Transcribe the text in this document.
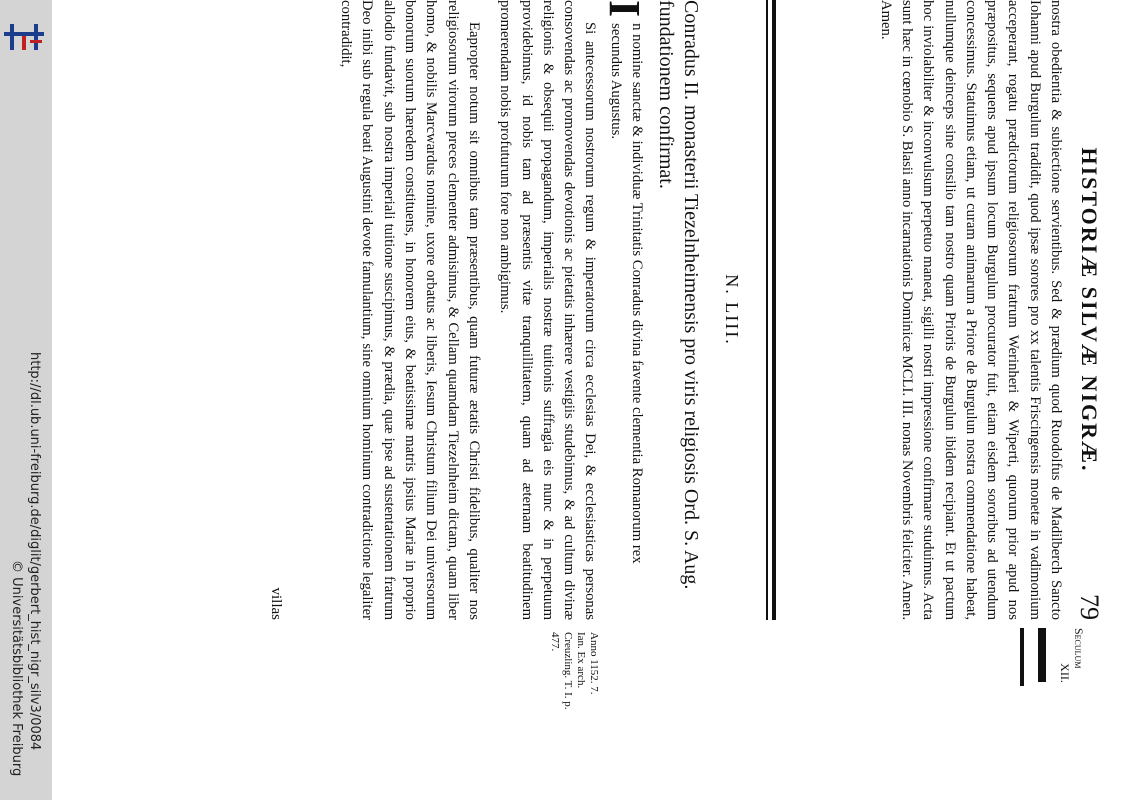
http://dl.ub.uni-freiburg.de/diglit/gerbert_hist_nigr_silv3/0084
© Universitätsbibliothek Freiburg
HISTORIÆ SILVÆ NIGRÆ.
79
Seculum
XII.

nostra obedientia & subiectione servientibus. Sed & prædium quod Ruodolfus de Madilberch Sancto Iohanni apud Burgulun tradidit, quod ipsæ sorores pro xx talentis Friscingensis monetæ in vadimonium acceperant, rogatu prædictorum religiosorum fratrum Werinheri & Wiperti, quorum prior apud nos præpositus, sequens apud ipsum locum Burgulun procurator fuit, etiam eisdem sororibus ad utendum concessimus. Statuimus etiam, ut curam animarum a Priore de Burgulun nostra commendatione habeat, nullumque deinceps sine consilio tam nostro quam Prioris de Burgulun ibidem recipiant. Et ut pactum hoc inviolabiliter & inconvulsum perpetuo maneat, sigilli nostri impressione confirmare studuimus. Acta sunt hæc in cœnobio S. Blasii anno incarnationis Dominicæ MCLI. III. nonas Novembris feliciter. Amen. Amen.

N. LIII.

Conradus II. monasterii Tiezelnheimensis pro viris religiosis Ord. S. Aug. fundationem confirmat.

I
n nomine sanctæ & individuæ Trinitatis Conradus divina favente clementia Romanorum rex secundus Augustus.

Si antecessorum nostrorum regum & imperatorum circa ecclesias Dei, & ecclesiasticas personas consovendas ac promovendas devotionis ac pietatis inhærere vestigiis studebimus, & ad cultum divinæ religionis & obsequii propagandum, imperialis nostræ tuitionis suffragia eis nunc & in perpetuum providebimus, id nobis tam ad præsentis vitæ tranquillitatem, quam ad æternam beatitudinem promerendam nobis profuturum fore non ambigimus.

Eapropter notum sit omnibus tam præsentibus, quam futuræ ætatis Christi fidelibus, qualiter nos religiosorum virorum preces clementer admisimus, & Cellam quamdam Tiezelnheim dictam, quam liber homo, & nobilis Marcwardus nomine, uxore orbatus ac liberis, Iesum Christum filium Dei universorum bonorum suorum hæredem constituens, in honorem eius, & beatissimæ matris ipsius Mariæ in proprio allodio fundavit, sub nostra imperiali tuitione suscipimus, & prædia, quæ ipse ad sustentationem fratrum Deo inibi sub regula beati Augustini devote famulantium, sine omnium hominum contradictione legaliter contradidit,

Anno 1152. 7. Ian. Ex arch. Creuzling. T. I. p. 477.
villas
